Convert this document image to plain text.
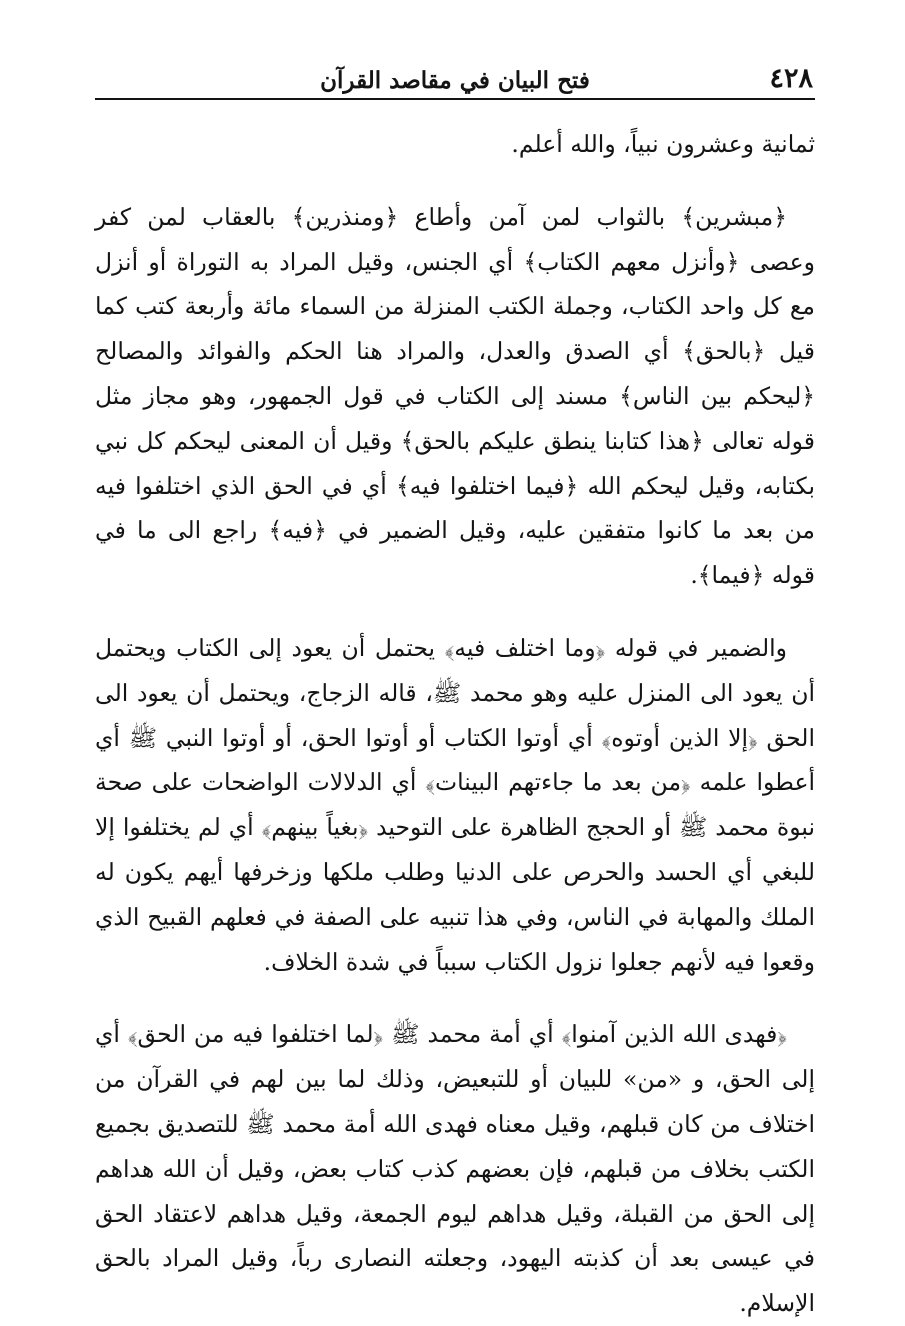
٤٢٨
فتح البيان في مقاصد القرآن

ثمانية وعشرون نبياً، والله أعلم.

﴿مبشرين﴾ بالثواب لمن آمن وأطاع ﴿ومنذرين﴾ بالعقاب لمن كفر وعصى ﴿وأنزل معهم الكتاب﴾ أي الجنس، وقيل المراد به التوراة أو أنزل مع كل واحد الكتاب، وجملة الكتب المنزلة من السماء مائة وأربعة كتب كما قيل ﴿بالحق﴾ أي الصدق والعدل، والمراد هنا الحكم والفوائد والمصالح ﴿ليحكم بين الناس﴾ مسند إلى الكتاب في قول الجمهور، وهو مجاز مثل قوله تعالى ﴿هذا كتابنا ينطق عليكم بالحق﴾ وقيل أن المعنى ليحكم كل نبي بكتابه، وقيل ليحكم الله ﴿فيما اختلفوا فيه﴾ أي في الحق الذي اختلفوا فيه من بعد ما كانوا متفقين عليه، وقيل الضمير في ﴿فيه﴾ راجع الى ما في قوله ﴿فيما﴾.

والضمير في قوله ﴿وما اختلف فيه﴾ يحتمل أن يعود إلى الكتاب ويحتمل أن يعود الى المنزل عليه وهو محمد ﷺ، قاله الزجاج، ويحتمل أن يعود الى الحق ﴿إلا الذين أوتوه﴾ أي أوتوا الكتاب أو أوتوا الحق، أو أوتوا النبي ﷺ أي أعطوا علمه ﴿من بعد ما جاءتهم البينات﴾ أي الدلالات الواضحات على صحة نبوة محمد ﷺ أو الحجج الظاهرة على التوحيد ﴿بغياً بينهم﴾ أي لم يختلفوا إلا للبغي أي الحسد والحرص على الدنيا وطلب ملكها وزخرفها أيهم يكون له الملك والمهابة في الناس، وفي هذا تنبيه على الصفة في فعلهم القبيح الذي وقعوا فيه لأنهم جعلوا نزول الكتاب سبباً في شدة الخلاف.

﴿فهدى الله الذين آمنوا﴾ أي أمة محمد ﷺ ﴿لما اختلفوا فيه من الحق﴾ أي إلى الحق، و «من» للبيان أو للتبعيض، وذلك لما بين لهم في القرآن من اختلاف من كان قبلهم، وقيل معناه فهدى الله أمة محمد ﷺ للتصديق بجميع الكتب بخلاف من قبلهم، فإن بعضهم كذب كتاب بعض، وقيل أن الله هداهم إلى الحق من القبلة، وقيل هداهم ليوم الجمعة، وقيل هداهم لاعتقاد الحق في عيسى بعد أن كذبته اليهود، وجعلته النصارى رباً، وقيل المراد بالحق الإسلام.
